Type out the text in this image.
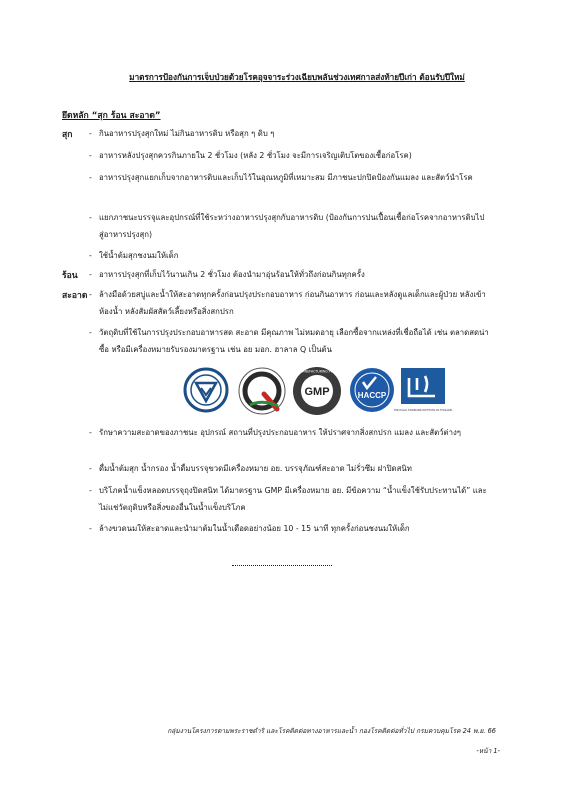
มาตรการป้องกันการเจ็บป่วยด้วยโรคอุจจาระร่วงเฉียบพลันช่วงเทศกาลส่งท้ายปีเก่า ต้อนรับปีใหม่
ยึดหลัก “สุก ร้อน สะอาด”
สุก - กินอาหารปรุงสุกใหม่ ไม่กินอาหารดิบ หรือสุก ๆ ดิบ ๆ
- อาหารหลังปรุงสุกควรกินภายใน 2 ชั่วโมง (หลัง 2 ชั่วโมง จะมีการเจริญเติบโตของเชื้อก่อโรค)
- อาหารปรุงสุกแยกเก็บจากอาหารดิบและเก็บไว้ในอุณหภูมิที่เหมาะสม มีภาชนะปกปิดป้องกันแมลง และสัตว์นำโรค
- แยกภาชนะบรรจุและอุปกรณ์ที่ใช้ระหว่างอาหารปรุงสุกกับอาหารดิบ (ป้องกันการปนเปื้อนเชื้อก่อโรคจากอาหารดิบไปสู่อาหารปรุงสุก)
- ใช้น้ำต้มสุกชงนมให้เด็ก
ร้อน - อาหารปรุงสุกที่เก็บไว้นานเกิน 2 ชั่วโมง ต้องนำมาอุ่นร้อนให้ทั่วถึงก่อนกินทุกครั้ง
สะอาด - ล้างมือด้วยสบู่และน้ำให้สะอาดทุกครั้งก่อนปรุงประกอบอาหาร ก่อนกินอาหาร ก่อนและหลังดูแลเด็กและผู้ป่วย หลังเข้าห้องน้ำ หลังสัมผัสสัตว์เลี้ยงหรือสิ่งสกปรก
- วัตถุดิบที่ใช้ในการปรุงประกอบอาหารสด สะอาด มีคุณภาพ ไม่หมดอายุ เลือกซื้อจากแหล่งที่เชื่อถือได้ เช่น ตลาดสดน่าซื้อ หรือมีเครื่องหมายรับรองมาตรฐาน เช่น อย มอก. ฮาลาล Q เป็นต้น
GMP
GOOD MANUFACTURING PRACTICE
HACCP
THE HALAL STANDARD INSTITUTE OF THAILAND
- รักษาความสะอาดของภาชนะ อุปกรณ์ สถานที่ปรุงประกอบอาหาร ให้ปราศจากสิ่งสกปรก แมลง และสัตว์ต่างๆ
- ดื่มน้ำต้มสุก น้ำกรอง น้ำดื่มบรรจุขวดมีเครื่องหมาย อย. บรรจุภัณฑ์สะอาด ไม่รั่วซึม ฝาปิดสนิท
- บริโภคน้ำแข็งหลอดบรรจุถุงปิดสนิท ได้มาตรฐาน GMP มีเครื่องหมาย อย. มีข้อความ “น้ำแข็งใช้รับประทานได้” และไม่แช่วัตถุดิบหรือสิ่งของอื่นในน้ำแข็งบริโภค
- ล้างขวดนมให้สะอาดและนำมาต้มในน้ำเดือดอย่างน้อย 10 - 15 นาที ทุกครั้งก่อนชงนมให้เด็ก
กลุ่มงานโครงการตามพระราชดำริ และโรคติดต่อทางอาหารและน้ำ กองโรคติดต่อทั่วไป กรมควบคุมโรค 24 พ.ย. 66
-หน้า 1-
